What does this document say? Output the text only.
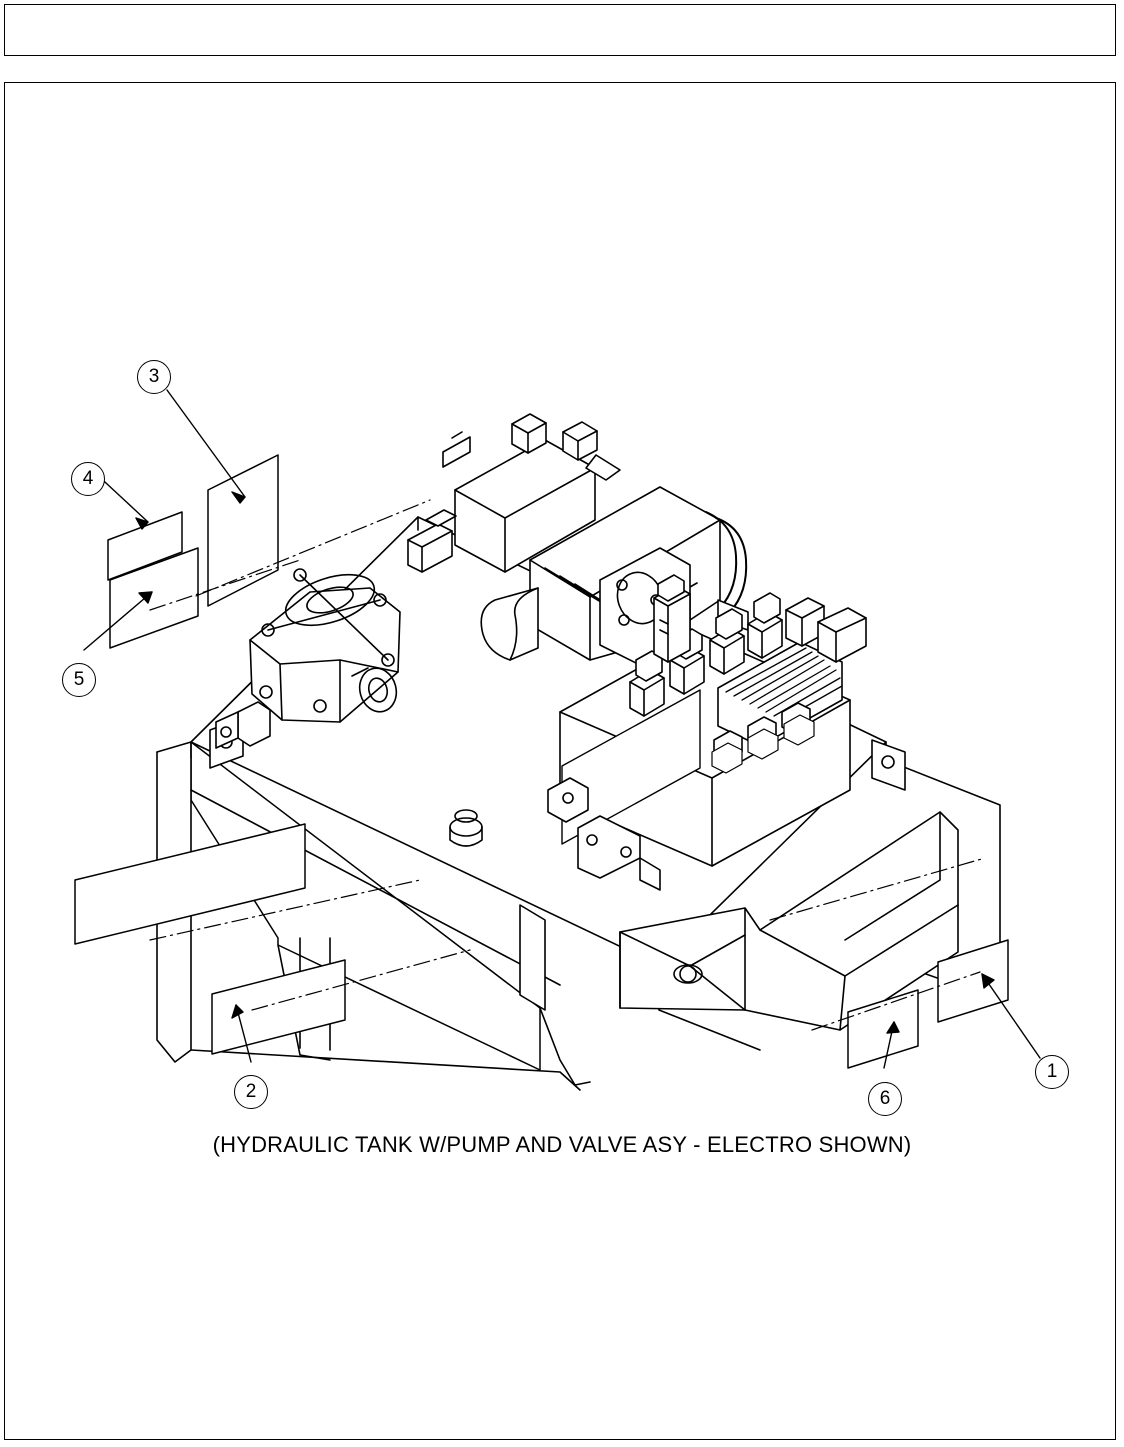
1
2
3
4
5
6
(HYDRAULIC TANK W/PUMP AND VALVE ASY - ELECTRO SHOWN)
